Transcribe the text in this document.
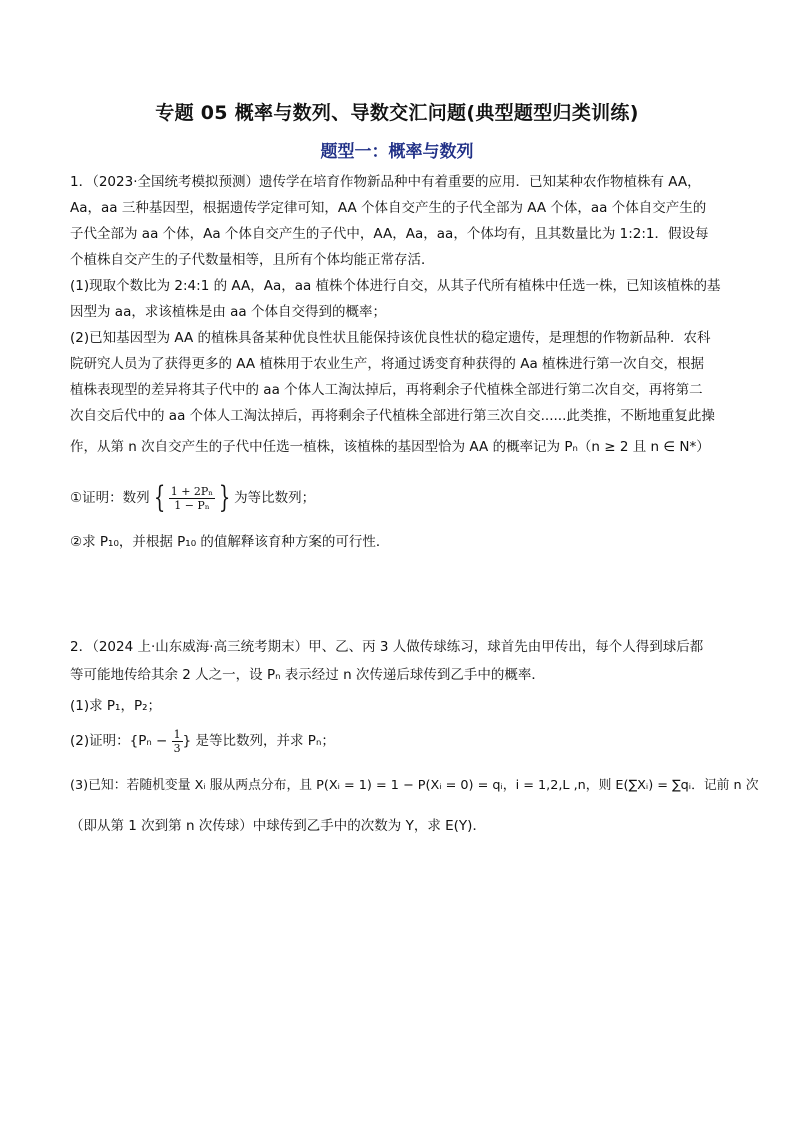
专题 05 概率与数列、导数交汇问题(典型题型归类训练)
题型一：概率与数列
1．（2023·全国统考模拟预测）遗传学在培育作物新品种中有着重要的应用．已知某种农作物植株有 AA，
Aa，aa 三种基因型，根据遗传学定律可知，AA 个体自交产生的子代全部为 AA 个体，aa 个体自交产生的
子代全部为 aa 个体，Aa 个体自交产生的子代中，AA，Aa，aa，个体均有，且其数量比为 1:2:1．假设每
个植株自交产生的子代数量相等，且所有个体均能正常存活．
(1)现取个数比为 2:4:1 的 AA，Aa，aa 植株个体进行自交，从其子代所有植株中任选一株，已知该植株的基
因型为 aa，求该植株是由 aa 个体自交得到的概率；
(2)已知基因型为 AA 的植株具备某种优良性状且能保持该优良性状的稳定遗传，是理想的作物新品种．农科
院研究人员为了获得更多的 AA 植株用于农业生产，将通过诱变育种获得的 Aa 植株进行第一次自交，根据
植株表现型的差异将其子代中的 aa 个体人工淘汰掉后，再将剩余子代植株全部进行第二次自交，再将第二
次自交后代中的 aa 个体人工淘汰掉后，再将剩余子代植株全部进行第三次自交......此类推，不断地重复此操
作，从第 n 次自交产生的子代中任选一植株，该植株的基因型恰为 AA 的概率记为 Pₙ（n ≥ 2 且 n ∈ N*）
①证明：数列 { $\frac{\text{1 + 2Pₙ}}{\text{1 − Pₙ}}$ } 为等比数列；
②求 P₁₀，并根据 P₁₀ 的值解释该育种方案的可行性．
2．（2024 上·山东威海·高三统考期末）甲、乙、丙 3 人做传球练习，球首先由甲传出，每个人得到球后都
等可能地传给其余 2 人之一，设 Pₙ 表示经过 n 次传递后球传到乙手中的概率．
(1)求 P₁，P₂；
(2)证明：{$P_n - \frac{1}{3}$ } 是等比数列，并求 Pₙ；
(3)已知：若随机变量 Xᵢ 服从两点分布，且 P(Xᵢ = 1) = 1 − P(Xᵢ = 0) = qᵢ，i = 1,2,L ,n，则 E(∑Xᵢ) = ∑qᵢ．记前 n 次
（即从第 1 次到第 n 次传球）中球传到乙手中的次数为 Y，求 E(Y)．
